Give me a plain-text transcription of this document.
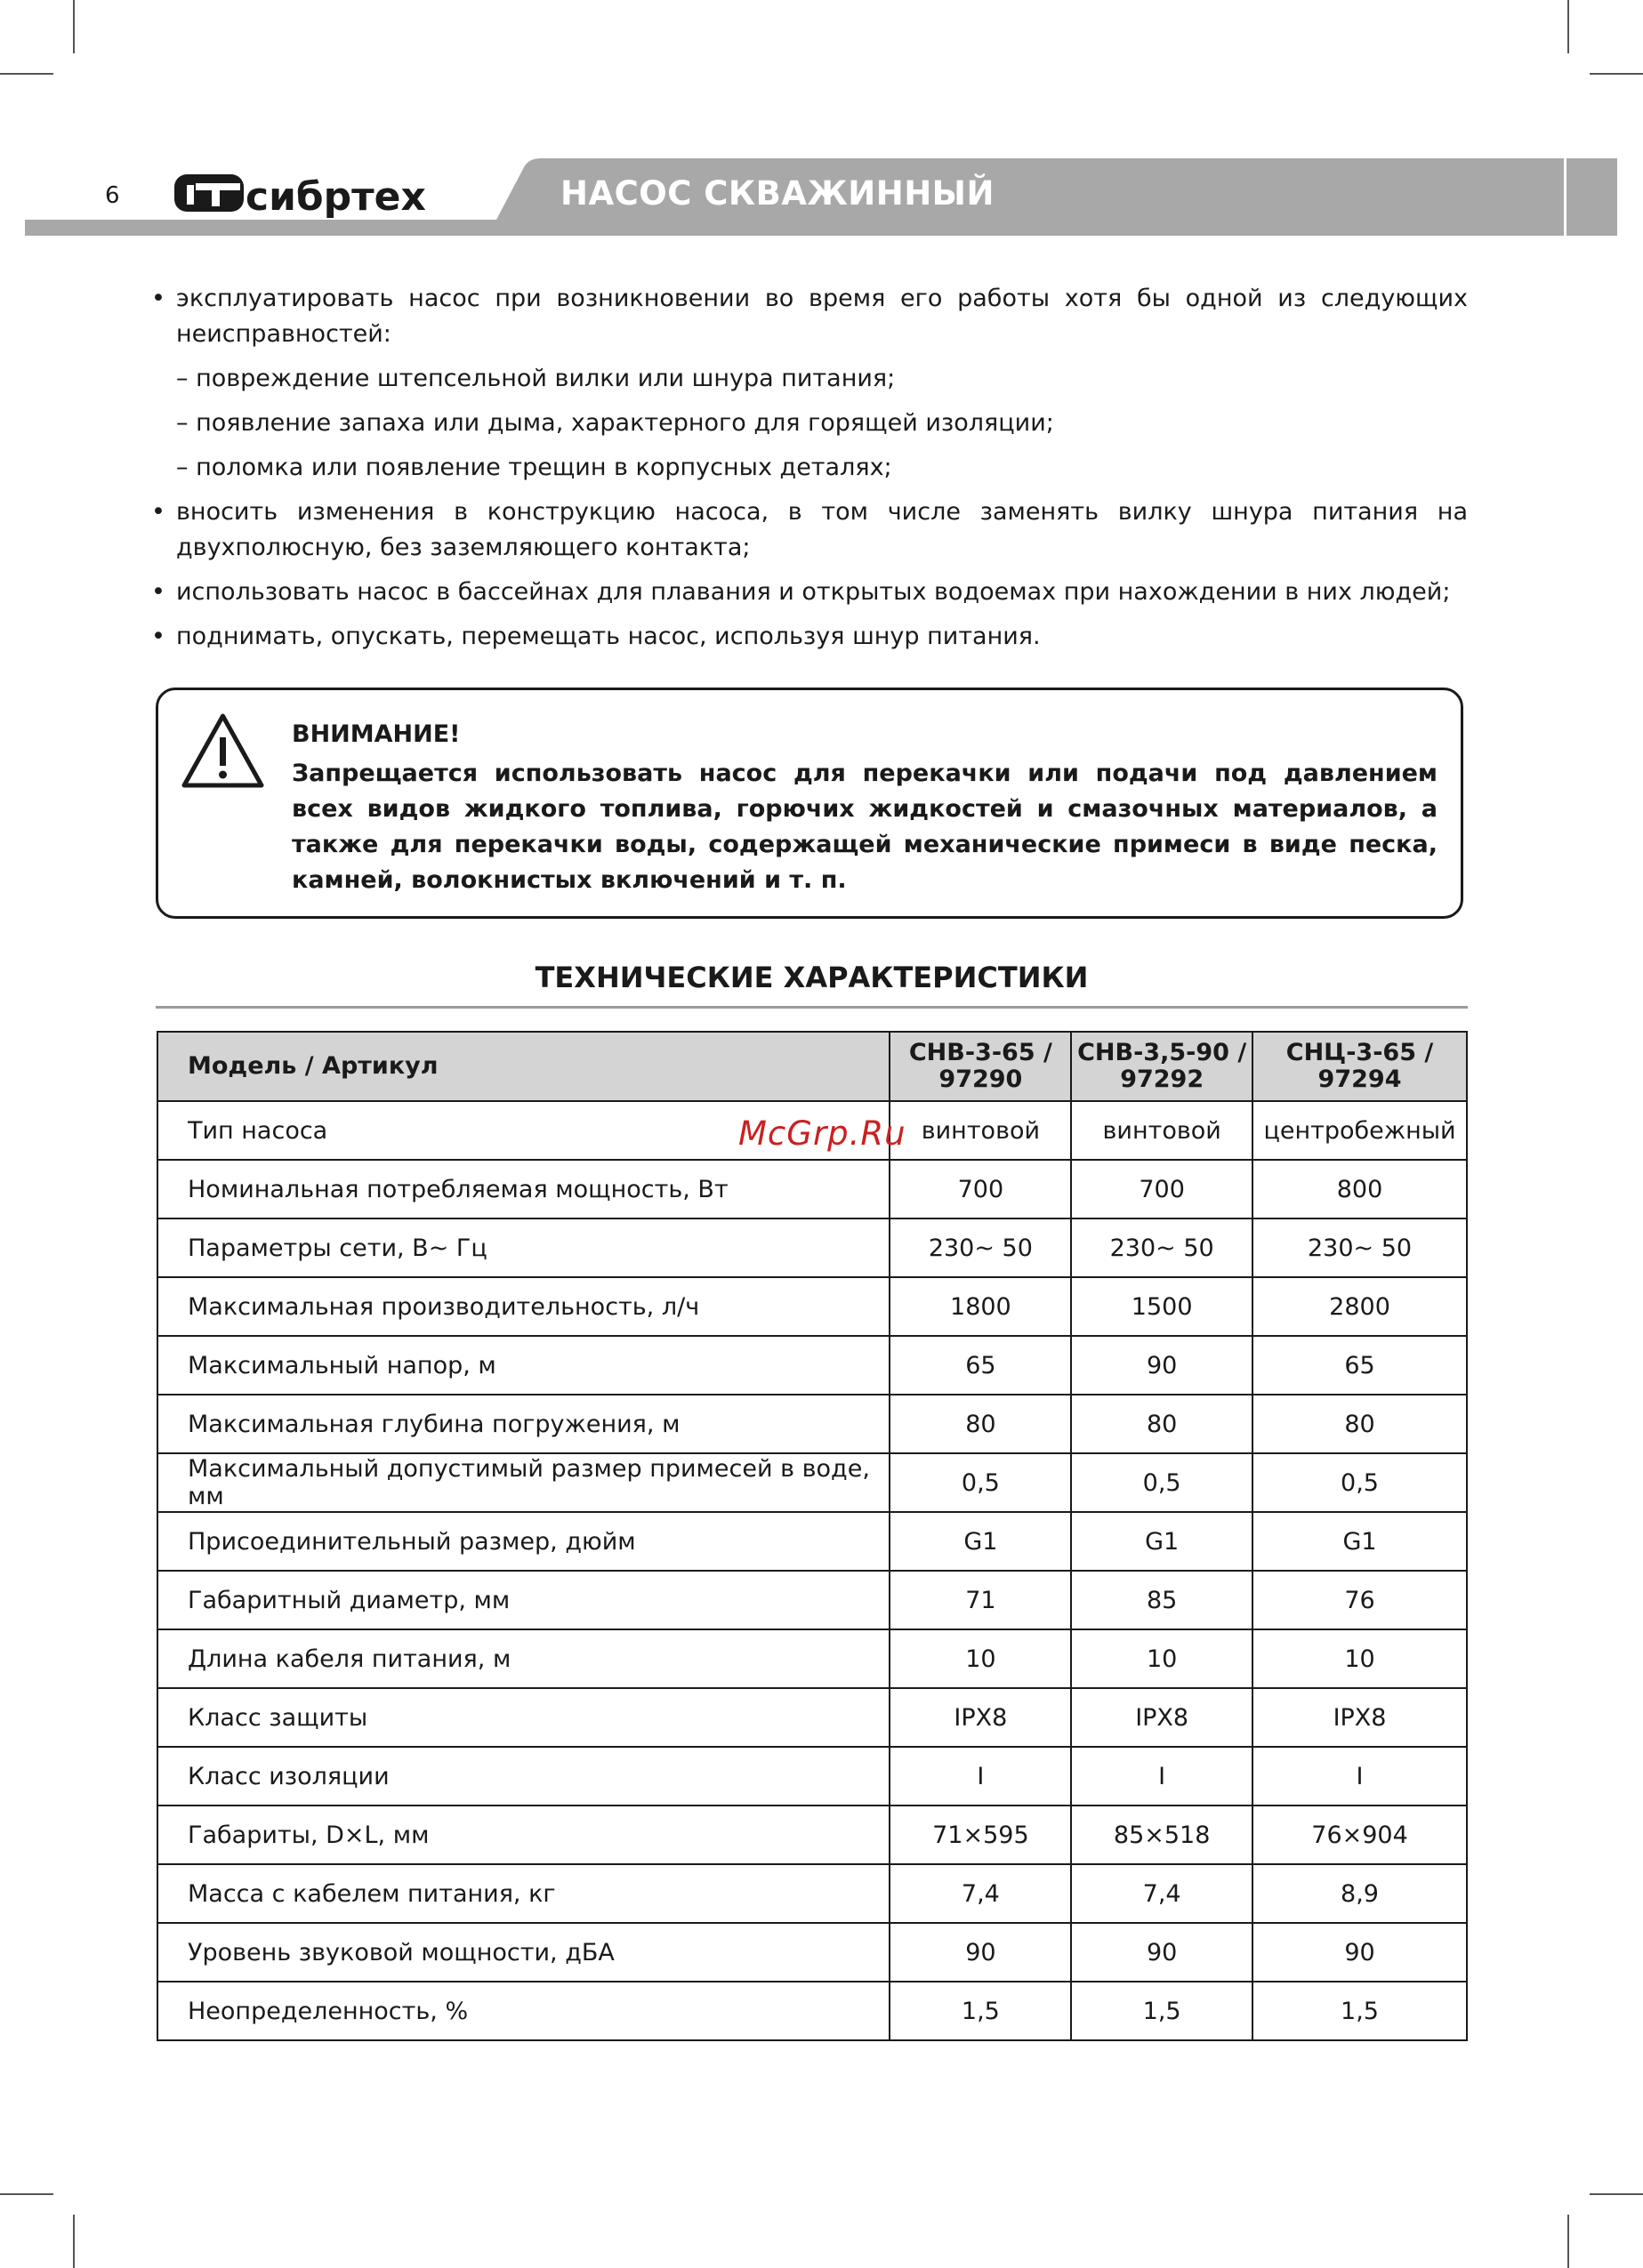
6	сибртех	НАСОС СКВАЖИННЫЙ

• эксплуатировать насос при возникновении во время его работы хотя бы одной из следующих неисправностей:

– повреждение штепсельной вилки или шнура питания;

– появление запаха или дыма, характерного для горящей изоляции;

– поломка или появление трещин в корпусных деталях;

• вносить изменения в конструкцию насоса, в том числе заменять вилку шнура питания на двухполюсную, без заземляющего контакта;

• использовать насос в бассейнах для плавания и открытых водоемах при нахождении в них людей;

• поднимать, опускать, перемещать насос, используя шнур питания.

ВНИМАНИЕ!
Запрещается использовать насос для перекачки или подачи под давлением всех видов жидкого топлива, горючих жидкостей и смазочных материалов, а также для перекачки воды, содержащей механические примеси в виде песка, камней, волокнистых включений и т. п.
ТЕХНИЧЕСКИЕ ХАРАКТЕРИСТИКИ
Модель / Артикул	СНВ-3-65 / 97290	СНВ-3,5-90 / 97292	СНЦ-3-65 / 97294
Тип насоса	винтовой	винтовой	центробежный
Номинальная потребляемая мощность, Вт	700	700	800
Параметры сети, В~ Гц	230~ 50	230~ 50	230~ 50
Максимальная производительность, л/ч	1800	1500	2800
Максимальный напор, м	65	90	65
Максимальная глубина погружения, м	80	80	80
Максимальный допустимый размер примесей в воде, мм	0,5	0,5	0,5
Присоединительный размер, дюйм	G1	G1	G1
Габаритный диаметр, мм	71	85	76
Длина кабеля питания, м	10	10	10
Класс защиты	IPX8	IPX8	IPX8
Класс изоляции	I	I	I
Габариты, D×L, мм	71×595	85×518	76×904
Масса с кабелем питания, кг	7,4	7,4	8,9
Уровень звуковой мощности, дБА	90	90	90
Неопределенность, %	1,5	1,5	1,5
McGrp.Ru
